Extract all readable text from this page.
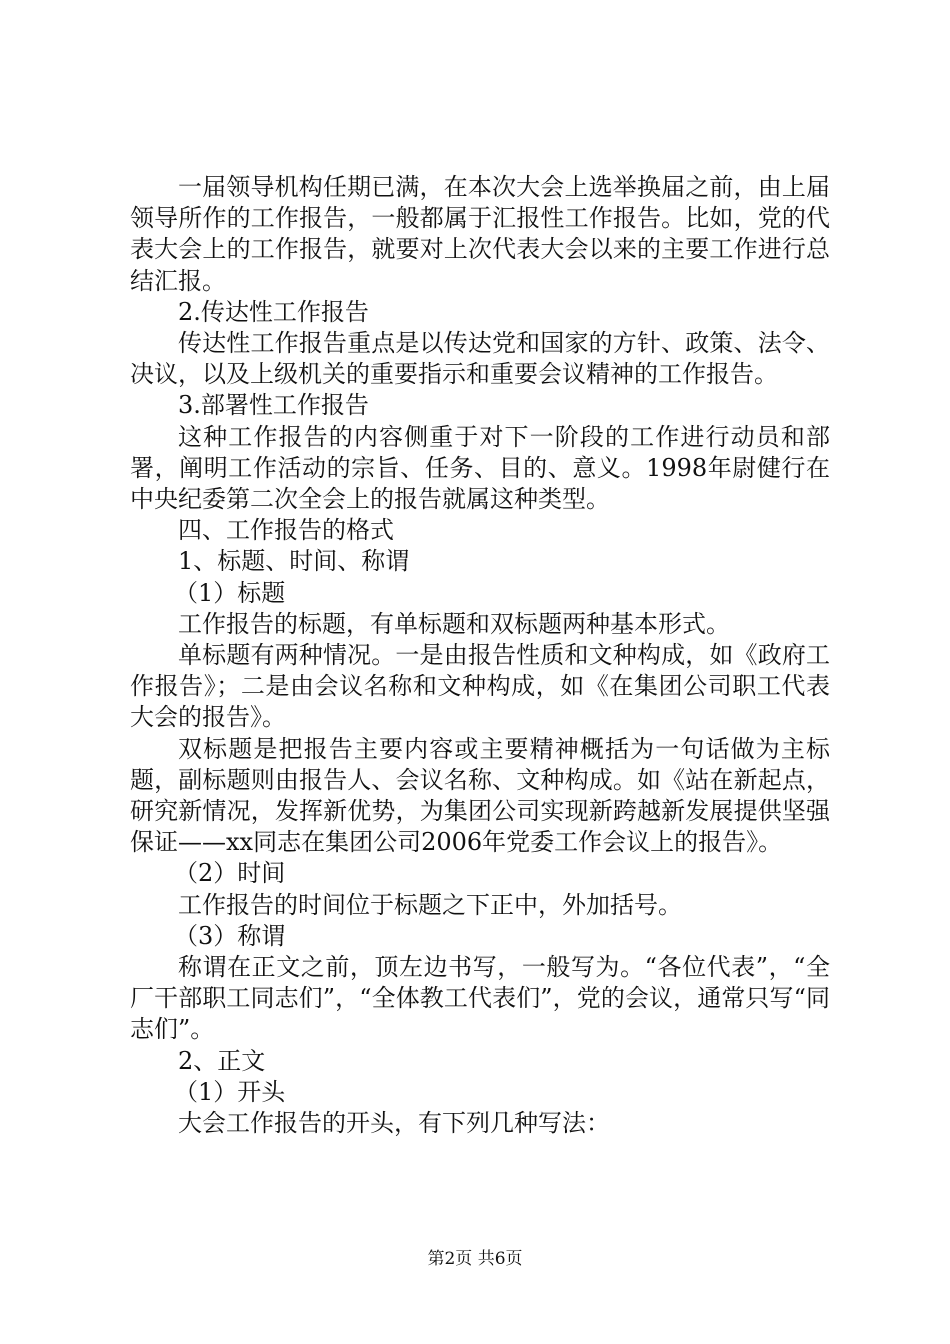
一届领导机构任期已满，在本次大会上选举换届之前，由上届领导所作的工作报告，一般都属于汇报性工作报告。比如，党的代表大会上的工作报告，就要对上次代表大会以来的主要工作进行总结汇报。

2.传达性工作报告

传达性工作报告重点是以传达党和国家的方针、政策、法令、决议，以及上级机关的重要指示和重要会议精神的工作报告。

3.部署性工作报告

这种工作报告的内容侧重于对下一阶段的工作进行动员和部署，阐明工作活动的宗旨、任务、目的、意义。1998年尉健行在中央纪委第二次全会上的报告就属这种类型。

四、工作报告的格式

1、标题、时间、称谓

（1）标题

工作报告的标题，有单标题和双标题两种基本形式。

单标题有两种情况。一是由报告性质和文种构成，如《政府工作报告》；二是由会议名称和文种构成，如《在集团公司职工代表大会的报告》。

双标题是把报告主要内容或主要精神概括为一句话做为主标题，副标题则由报告人、会议名称、文种构成。如《站在新起点，研究新情况，发挥新优势，为集团公司实现新跨越新发展提供坚强保证——xx同志在集团公司2006年党委工作会议上的报告》。

（2）时间

工作报告的时间位于标题之下正中，外加括号。

（3）称谓

称谓在正文之前，顶左边书写，一般写为。“各位代表”，“全厂干部职工同志们”，“全体教工代表们”，党的会议，通常只写“同志们”。

2、正文

（1）开头

大会工作报告的开头，有下列几种写法：

第2页 共6页
